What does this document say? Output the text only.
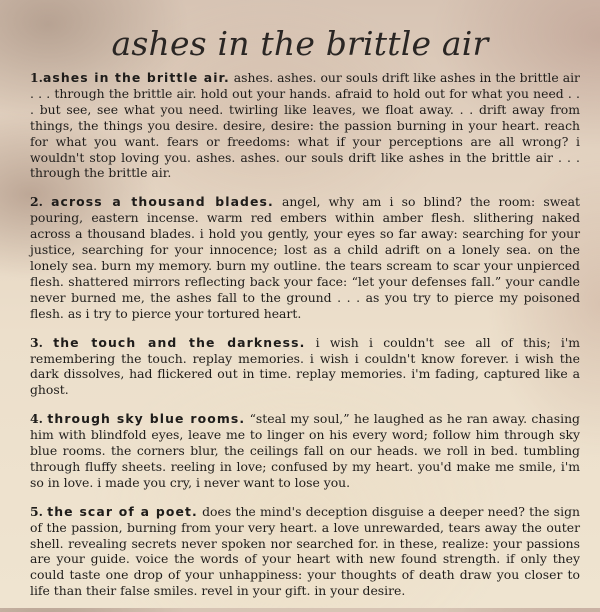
ashes in the brittle air

1.ashes in the brittle air. ashes. ashes. our souls drift like ashes in the brittle air . . . through the brittle air. hold out your hands. afraid to hold out for what you need . . . but see, see what you need. twirling like leaves, we float away. . . drift away from things, the things you desire. desire, desire: the passion burning in your heart. reach for what you want. fears or freedoms: what if your perceptions are all wrong? i wouldn't stop loving you. ashes. ashes. our souls drift like ashes in the brittle air . . . through the brittle air.

2. across a thousand blades. angel, why am i so blind? the room: sweat pouring, eastern incense. warm red embers within amber flesh. slithering naked across a thousand blades. i hold you gently, your eyes so far away: searching for your justice, searching for your innocence; lost as a child adrift on a lonely sea. on the lonely sea. burn my memory. burn my outline. the tears scream to scar your unpierced flesh. shattered mirrors reflecting back your face: “let your defenses fall.” your candle never burned me, the ashes fall to the ground . . . as you try to pierce my poisoned flesh. as i try to pierce your tortured heart.

3. the touch and the darkness. i wish i couldn't see all of this; i'm remembering the touch. replay memories. i wish i couldn't know forever. i wish the dark dissolves, had flickered out in time. replay memories. i'm fading, captured like a ghost.

4. through sky blue rooms. “steal my soul,” he laughed as he ran away. chasing him with blindfold eyes, leave me to linger on his every word; follow him through sky blue rooms. the corners blur, the ceilings fall on our heads. we roll in bed. tumbling through fluffy sheets. reeling in love; confused by my heart. you'd make me smile, i'm so in love. i made you cry, i never want to lose you.

5. the scar of a poet. does the mind's deception disguise a deeper need? the sign of the passion, burning from your very heart. a love unrewarded, tears away the outer shell. revealing secrets never spoken nor searched for. in these, realize: your passions are your guide. voice the words of your heart with new found strength. if only they could taste one drop of your unhappiness: your thoughts of death draw you closer to life than their false smiles. revel in your gift. in your desire.
